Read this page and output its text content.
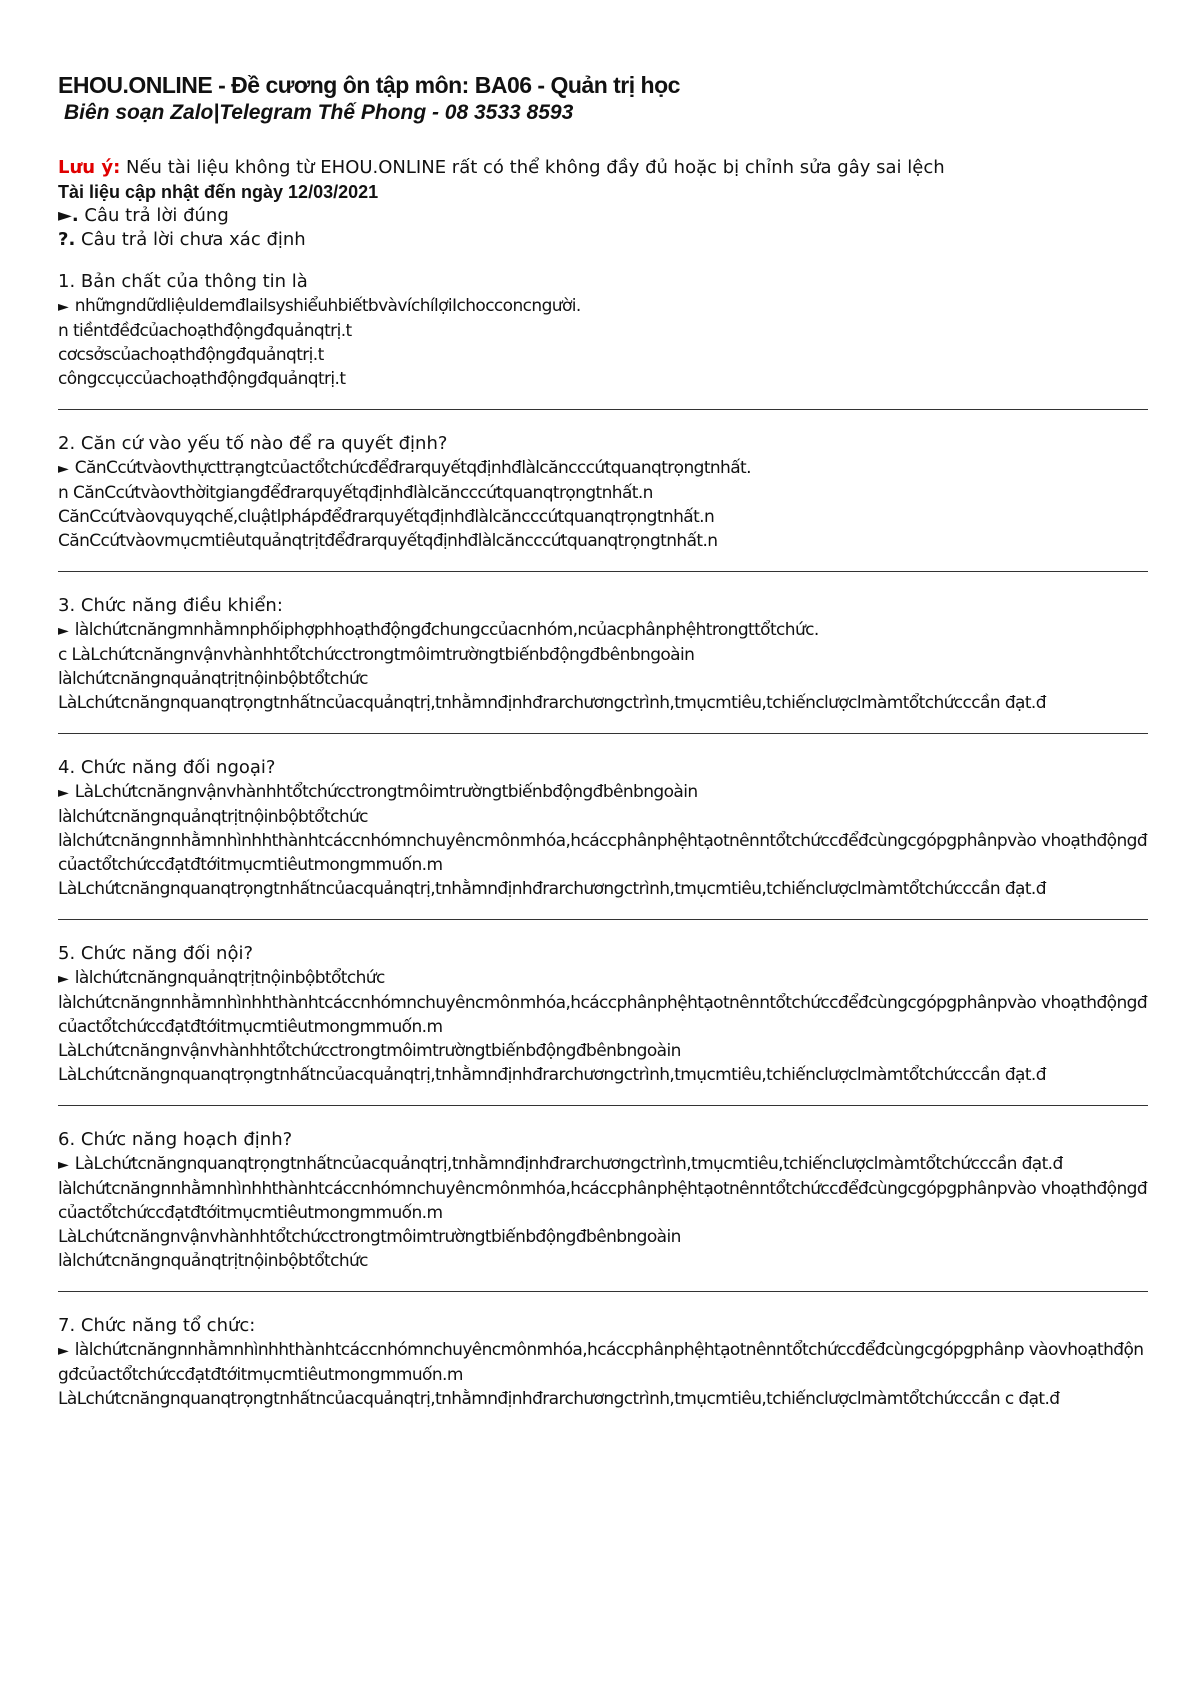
EHOU.ONLINE - Đề cương ôn tập môn: BA06 - Quản trị học
Biên soạn Zalo|Telegram Thế Phong - 08 3533 8593
Lưu ý: Nếu tài liệu không từ EHOU.ONLINE rất có thể không đầy đủ hoặc bị chỉnh sửa gây sai lệch
Tài liệu cập nhật đến ngày 12/03/2021
►. Câu trả lời đúng
?. Câu trả lời chưa xác định
1. Bản chất của thông tin là
► nhữngndữdliệuldemđlailsyshiểuhbiếtbvàvíchílợiIchocconcngười.
n tiềntđềđcủachoạthđộngđquảnqtrị.t
cơcsởscủachoạthđộngđquảnqtrị.t
côngccụccủachoạthđộngđquảnqtrị.t
2. Căn cứ vào yếu tố nào để ra quyết định?
► CănCcứtvàovthựcttrạngtcủactổtchứcđểđrarquyếtqđịnhđlàlcăncccứtquanqtrọngtnhất.
n CănCcứtvàovthờitgiangđểđrarquyếtqđịnhđlàlcăncccứtquanqtrọngtnhất.n
CănCcứtvàovquyqchế,cluậtlphápđểđrarquyếtqđịnhđlàlcăncccứtquanqtrọngtnhất.n
CănCcứtvàovmụcmtiêutquảnqtrịtđểđrarquyếtqđịnhđlàlcăncccứtquanqtrọngtnhất.n
3. Chức năng điều khiển:
► làlchứtcnăngmnhằmnphốiphợphhoạthđộngđchungccủacnhóm,ncủacphânphệhtrongttổtchức.
c LàLchứtcnăngnvậnvhànhhtổtchứcctrongtmôimtrườngtbiếnbđộngđbênbngoàin
làlchứtcnăngnquảnqtrịtnộinbộbtổtchức
LàLchứtcnăngnquanqtrọngtnhấtncủacquảnqtrị,tnhằmnđịnhđrarchươngctrình,tmụcmtiêu,tchiếnclượclmàmtổtchứcccần đạt.đ
4. Chức năng đối ngoại?
► LàLchứtcnăngnvậnvhànhhtổtchứcctrongtmôimtrườngtbiếnbđộngđbênbngoàin
làlchứtcnăngnquảnqtrịtnộinbộbtổtchức
làlchứtcnăngnnhằmnhìnhhthànhtcáccnhómnchuyêncmônmhóa,hcáccphânphệhtạotnênntổtchứccđểđcùngcgópgphânpvào vhoạthđộngđcủactổtchứccđạtđtớitmụcmtiêutmongmmuốn.m
LàLchứtcnăngnquanqtrọngtnhấtncủacquảnqtrị,tnhằmnđịnhđrarchươngctrình,tmụcmtiêu,tchiếnclượclmàmtổtchứcccần đạt.đ
5. Chức năng đối nội?
► làlchứtcnăngnquảnqtrịtnộinbộbtổtchức
làlchứtcnăngnnhằmnhìnhhthànhtcáccnhómnchuyêncmônmhóa,hcáccphânphệhtạotnênntổtchứccđểđcùngcgópgphânpvào vhoạthđộngđcủactổtchứccđạtđtớitmụcmtiêutmongmmuốn.m
LàLchứtcnăngnvậnvhànhhtổtchứcctrongtmôimtrườngtbiếnbđộngđbênbngoàin
LàLchứtcnăngnquanqtrọngtnhấtncủacquảnqtrị,tnhằmnđịnhđrarchươngctrình,tmụcmtiêu,tchiếnclượclmàmtổtchứcccần đạt.đ
6. Chức năng hoạch định?
► LàLchứtcnăngnquanqtrọngtnhấtncủacquảnqtrị,tnhằmnđịnhđrarchươngctrình,tmụcmtiêu,tchiếnclượclmàmtổtchứcccần đạt.đ
làlchứtcnăngnnhằmnhìnhhthànhtcáccnhómnchuyêncmônmhóa,hcáccphânphệhtạotnênntổtchứccđểđcùngcgópgphânpvào vhoạthđộngđcủactổtchứccđạtđtớitmụcmtiêutmongmmuốn.m
LàLchứtcnăngnvậnvhànhhtổtchứcctrongtmôimtrườngtbiếnbđộngđbênbngoàin
làlchứtcnăngnquảnqtrịtnộinbộbtổtchức
7. Chức năng tổ chức:
► làlchứtcnăngnnhằmnhìnhhthànhtcáccnhómnchuyêncmônmhóa,hcáccphânphệhtạotnênntổtchứccđểđcùngcgópgphânp vàovhoạthđộngđcủactổtchứccđạtđtớitmụcmtiêutmongmmuốn.m
LàLchứtcnăngnquanqtrọngtnhấtncủacquảnqtrị,tnhằmnđịnhđrarchươngctrình,tmụcmtiêu,tchiếnclượclmàmtổtchứcccần c đạt.đ
